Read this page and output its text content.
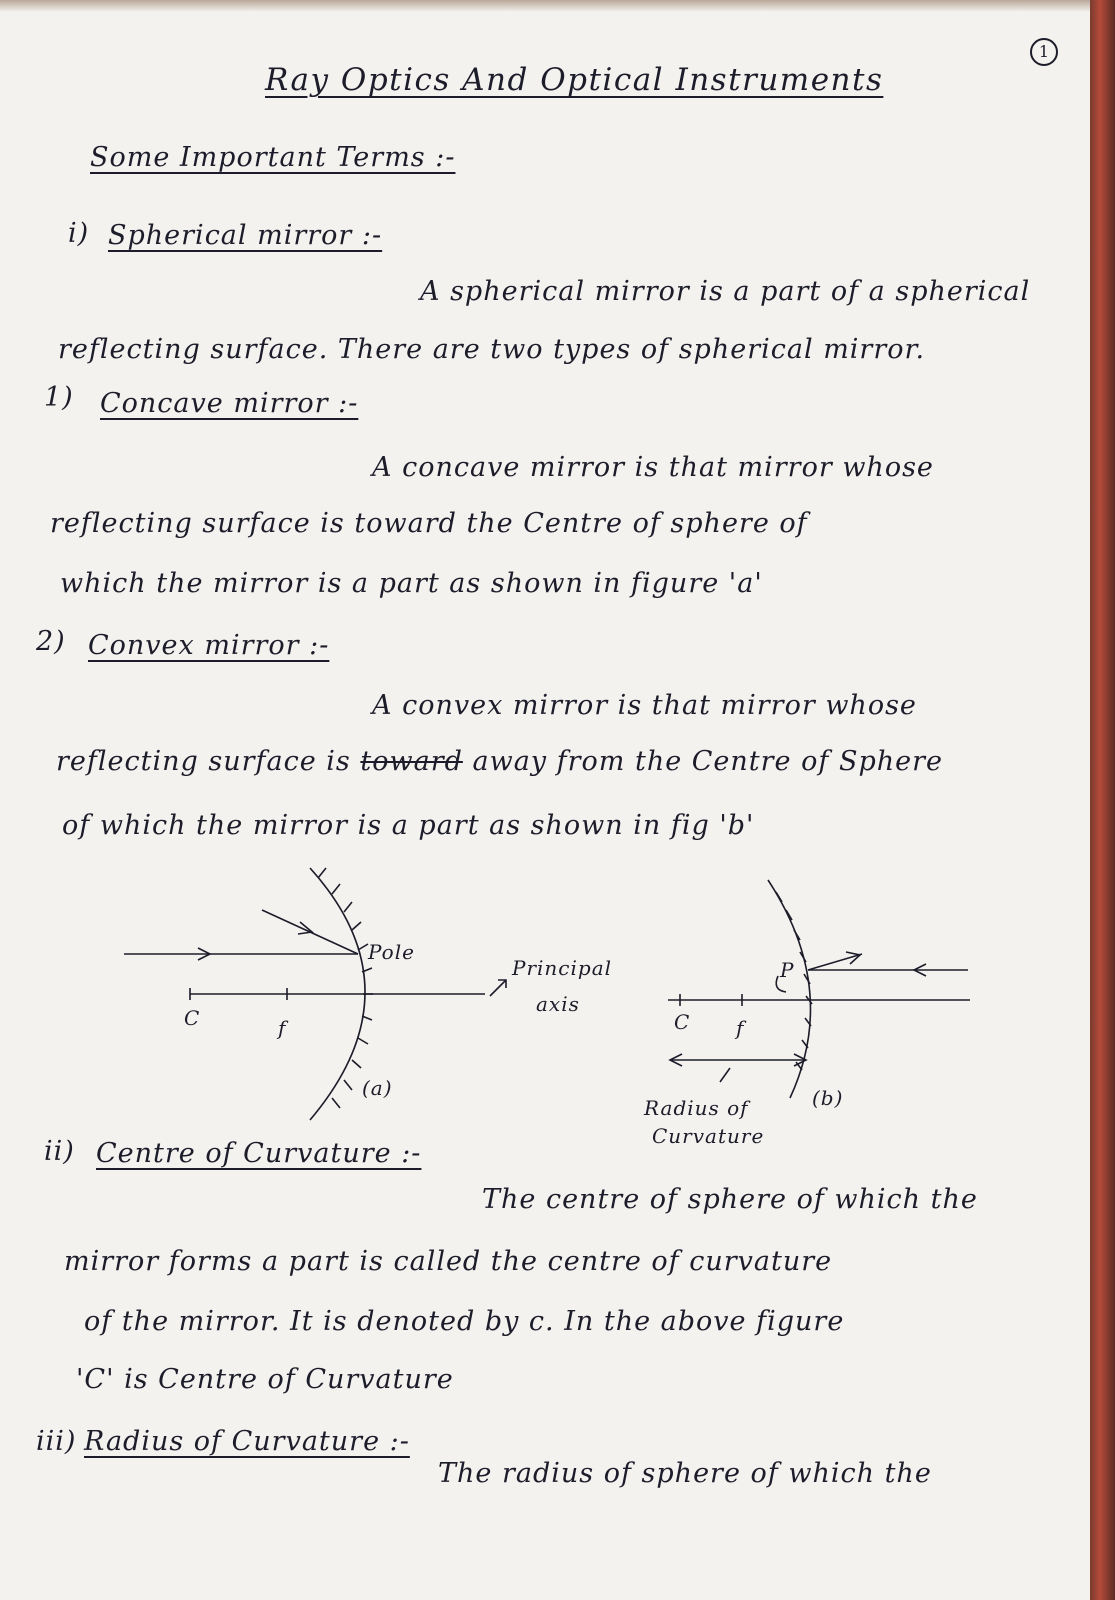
1
Ray Optics And Optical Instruments
Some Important Terms :-
i) Spherical mirror :-
A spherical mirror is a part of a spherical
reflecting surface. There are two types of spherical mirror.
1) Concave mirror :-
A concave mirror is that mirror whose
reflecting surface is toward the Centre of sphere of
which the mirror is a part as shown in figure 'a'
2) Convex mirror :-
A convex mirror is that mirror whose
reflecting surface is toward away from the Centre of Sphere
of which the mirror is a part as shown in fig 'b'
ii) Centre of Curvature :-
The centre of sphere of which the
mirror forms a part is called the centre of curvature
of the mirror. It is denoted by c. In the above figure
'C' is Centre of Curvature
iii) Radius of Curvature :-
The radius of sphere of which the
Pole
C	f
Principal
axis
(a)
P
C f
Radius of
Curvature
(b)
